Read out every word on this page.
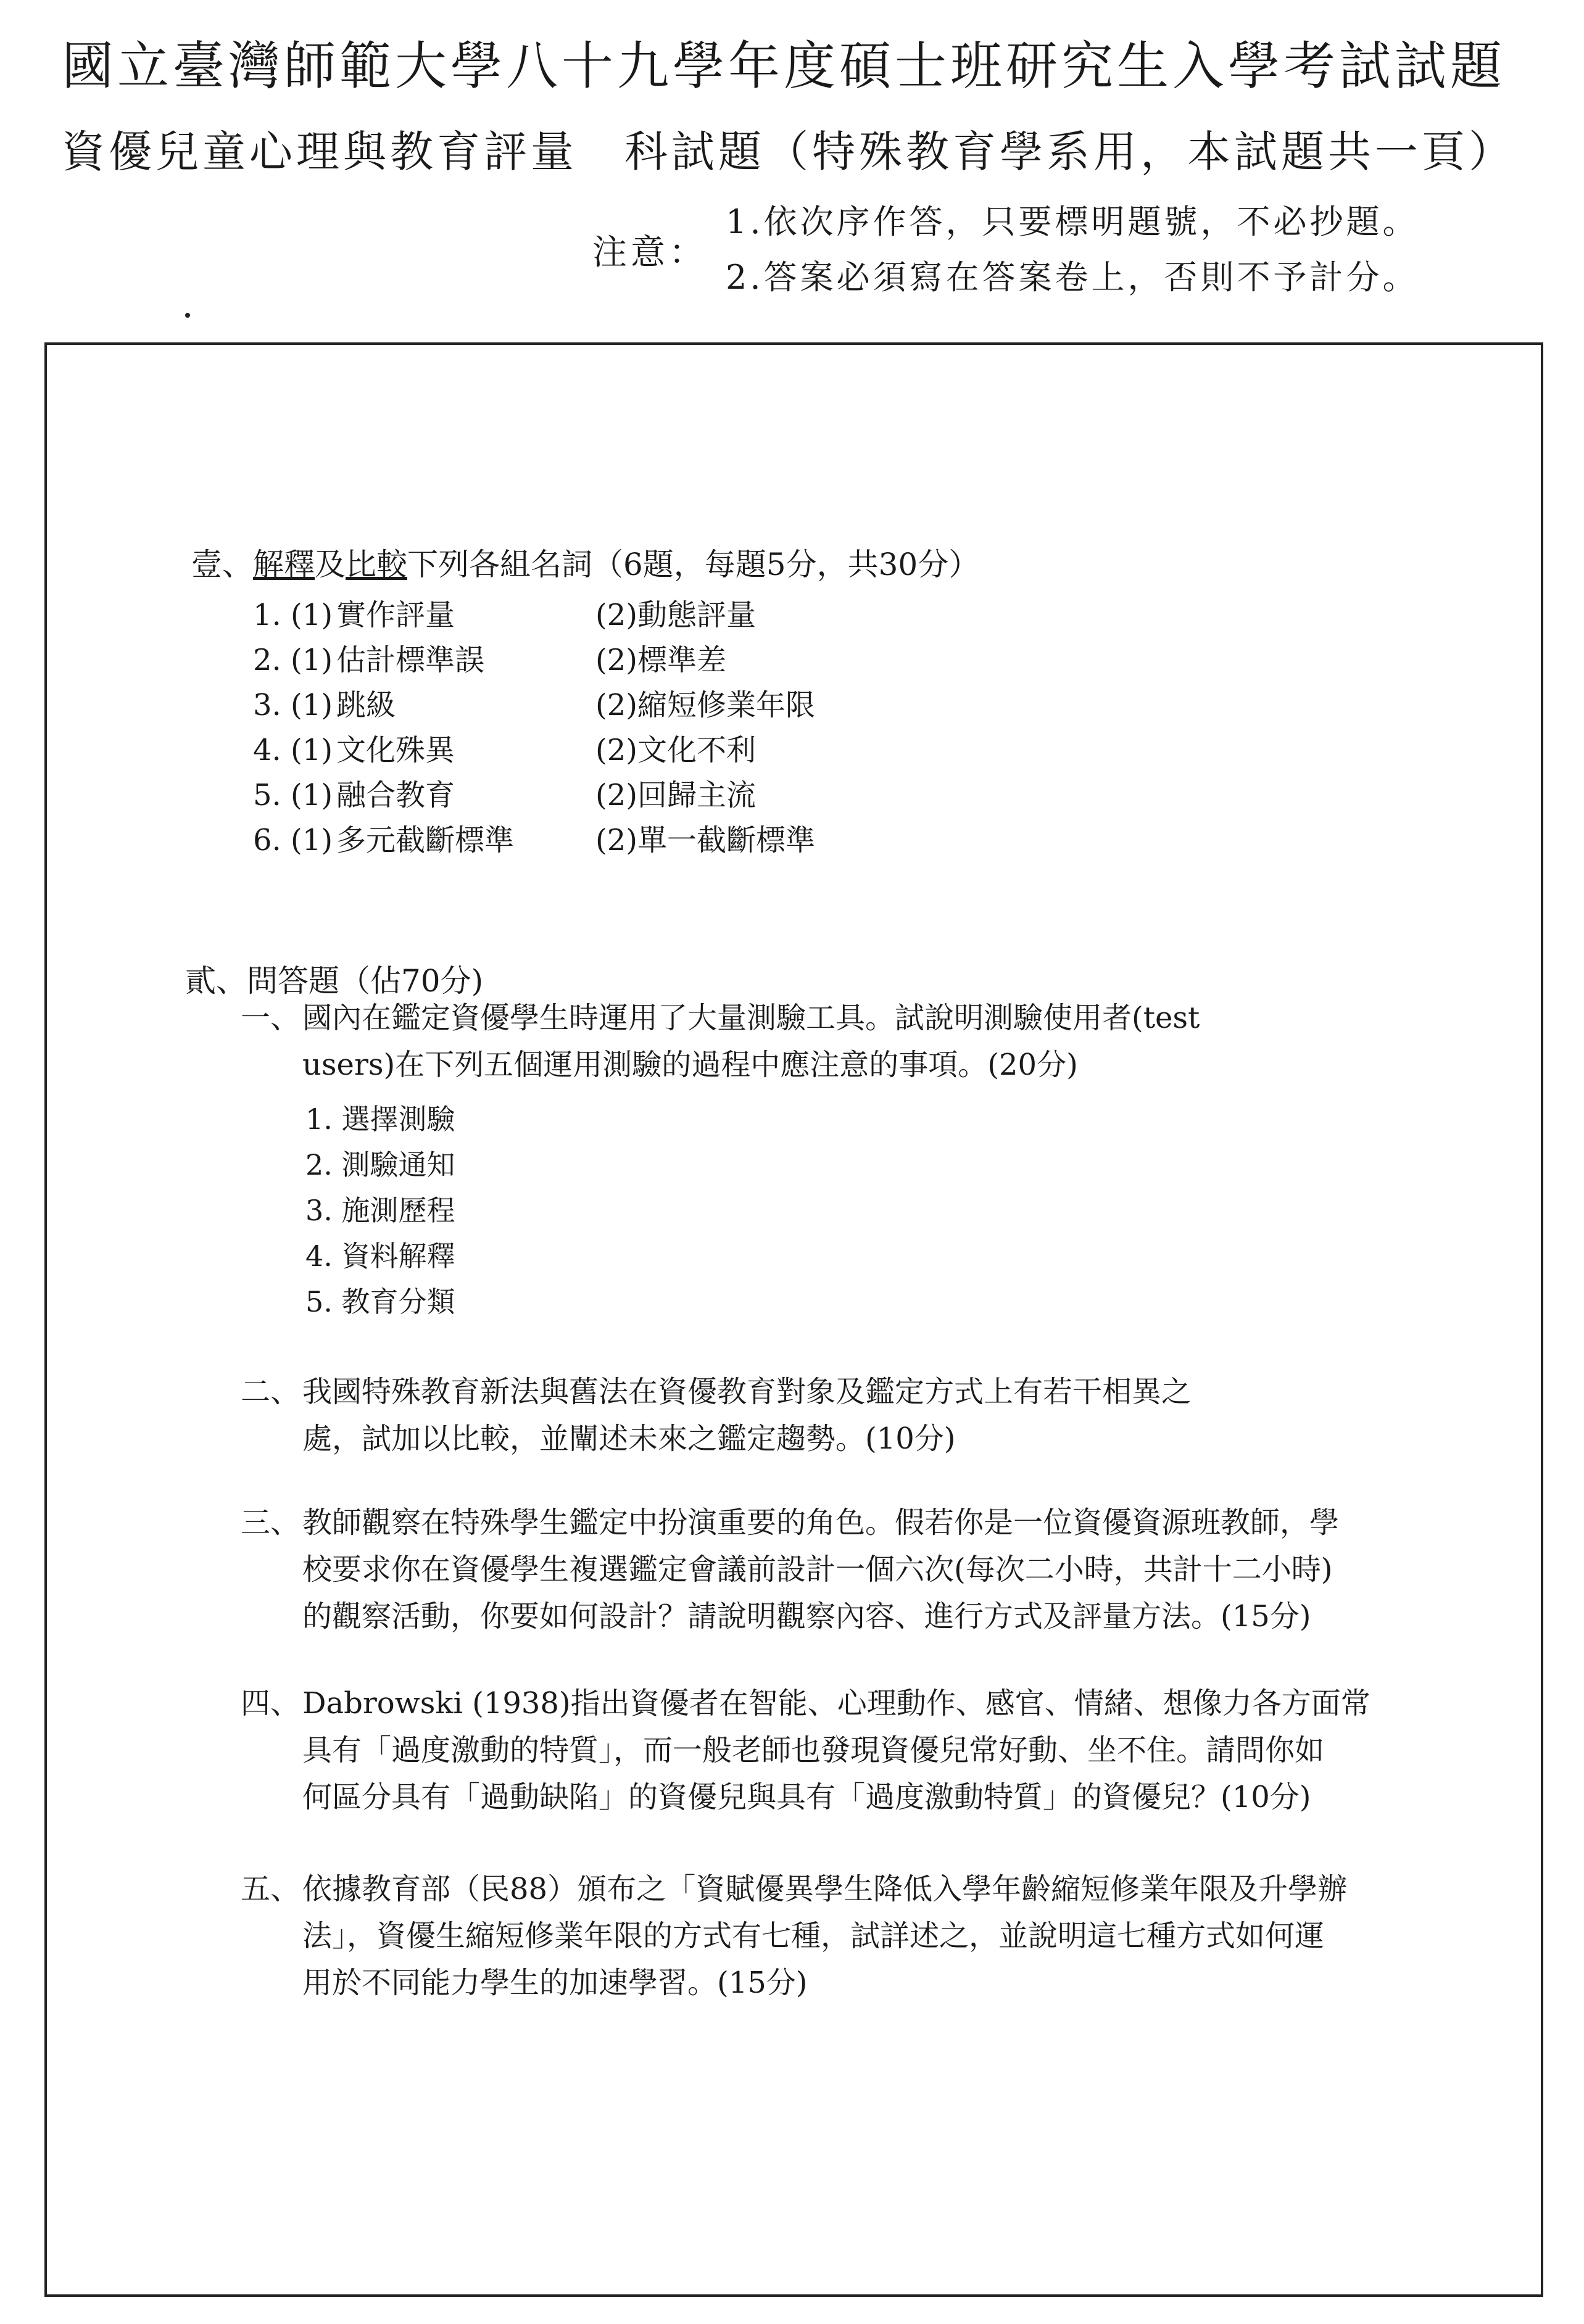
國立臺灣師範大學八十九學年度碩士班研究生入學考試試題
資優兒童心理與教育評量　科試題（特殊教育學系用，本試題共一頁）
注意：
1.依次序作答，只要標明題號，不必抄題。
2.答案必須寫在答案卷上，否則不予計分。
壹、解釋及比較下列各組名詞（6題，每題5分，共30分）
1. (1) 實作評量	(2)動態評量
2. (1) 估計標準誤	(2)標準差
3. (1) 跳級	(2)縮短修業年限
4. (1) 文化殊異	(2)文化不利
5. (1) 融合教育	(2)回歸主流
6. (1) 多元截斷標準	(2)單一截斷標準
貳、問答題（佔70分)
一、 國內在鑑定資優學生時運用了大量測驗工具。試說明測驗使用者(test
users)在下列五個運用測驗的過程中應注意的事項。(20分)
1. 選擇測驗
2. 測驗通知
3. 施測歷程
4. 資料解釋
5. 教育分類
二、 我國特殊教育新法與舊法在資優教育對象及鑑定方式上有若干相異之
處，試加以比較，並闡述未來之鑑定趨勢。(10分)
三、 教師觀察在特殊學生鑑定中扮演重要的角色。假若你是一位資優資源班教師，學
校要求你在資優學生複選鑑定會議前設計一個六次(每次二小時，共計十二小時)
的觀察活動，你要如何設計？請說明觀察內容、進行方式及評量方法。(15分)
四、 Dabrowski (1938)指出資優者在智能、心理動作、感官、情緒、想像力各方面常
具有「過度激動的特質」，而一般老師也發現資優兒常好動、坐不住。請問你如
何區分具有「過動缺陷」的資優兒與具有「過度激動特質」的資優兒？(10分)
五、 依據教育部（民88）頒布之「資賦優異學生降低入學年齡縮短修業年限及升學辦
法」，資優生縮短修業年限的方式有七種，試詳述之，並說明這七種方式如何運
用於不同能力學生的加速學習。(15分)
